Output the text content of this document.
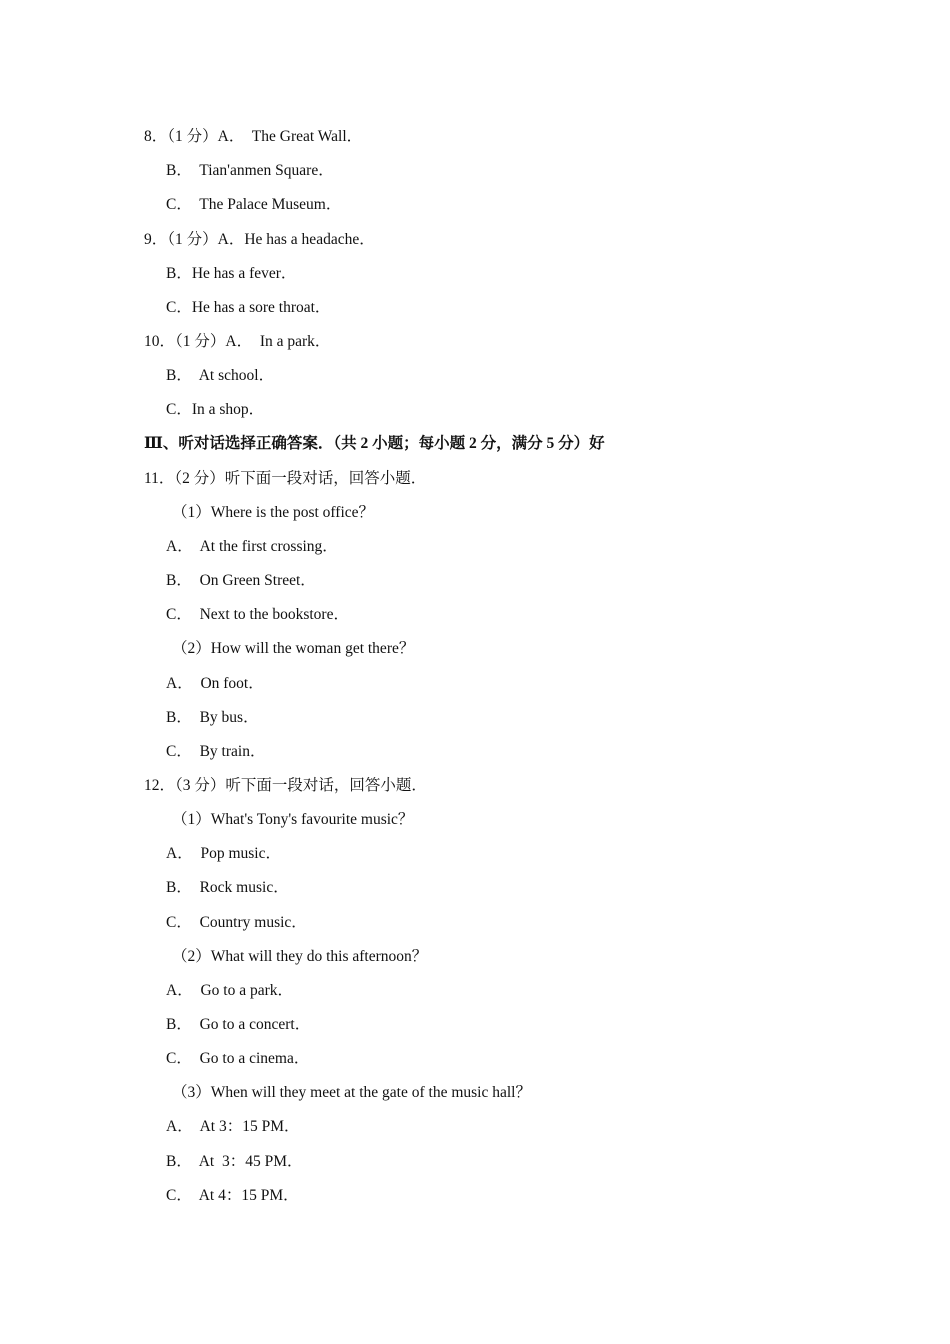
8．（1 分）A．  The Great Wall．
B．  Tian'anmen Square．
C．  The Palace Museum．
9．（1 分）A．He has a headache．
B．He has a fever．
C．He has a sore throat．
10．（1 分）A．  In a park．
B．  At school．
C．In a shop．
Ⅲ、听对话选择正确答案．（共 2 小题；每小题 2 分，满分 5 分）好
11．（2 分）听下面一段对话，回答小题．
（1）Where is the post office？
A．  At the first crossing．
B．  On Green Street．
C．  Next to the bookstore．
（2）How will the woman get there？
A．  On foot．
B．  By bus．
C．  By train．
12．（3 分）听下面一段对话，回答小题．
（1）What's Tony's favourite music？
A．  Pop music．
B．  Rock music．
C．  Country music．
（2）What will they do this afternoon？
A．  Go to a park．
B．  Go to a concert．
C．  Go to a cinema．
（3）When will they meet at the gate of the music hall？
A．  At 3：15 PM．
B．  At  3：45 PM．
C．  At 4：15 PM．
